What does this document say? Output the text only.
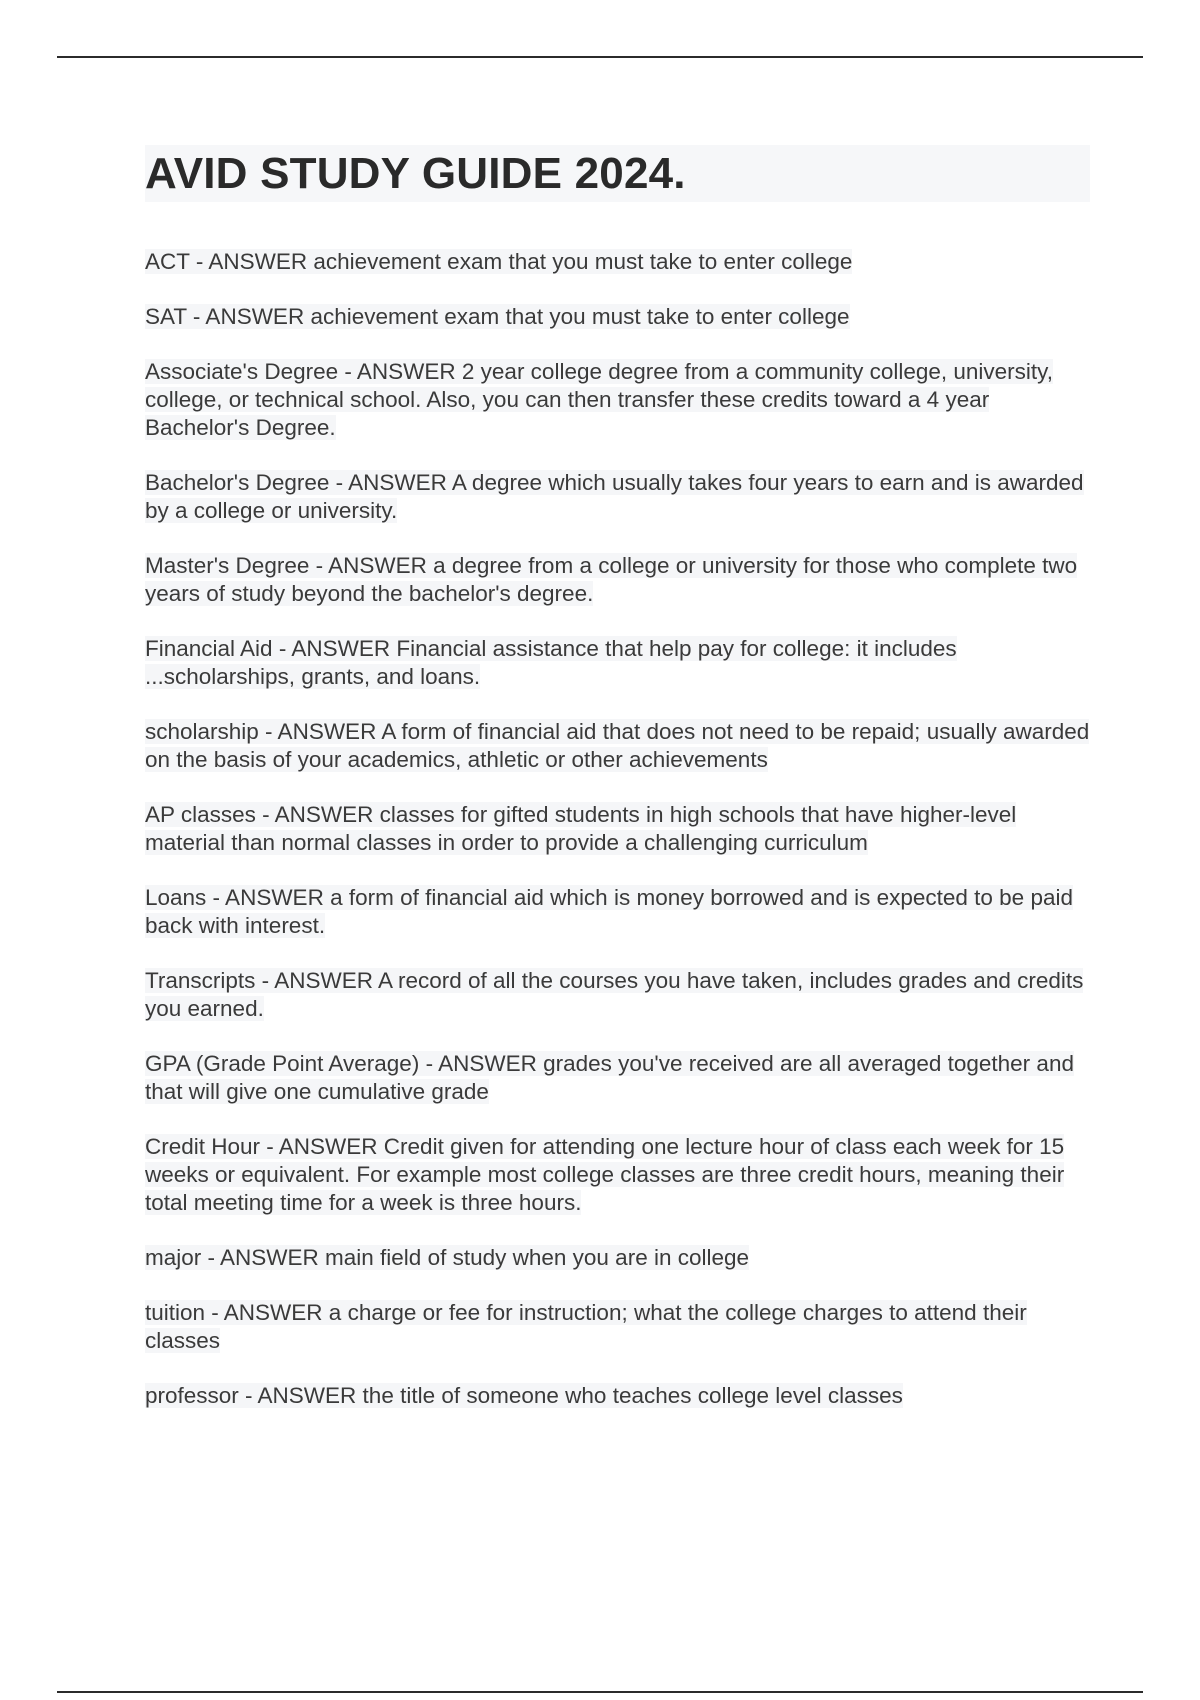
AVID STUDY GUIDE 2024.

ACT - ANSWER achievement exam that you must take to enter college

SAT - ANSWER achievement exam that you must take to enter college

Associate's Degree - ANSWER 2 year college degree from a community college, university, college, or technical school. Also, you can then transfer these credits toward a 4 year Bachelor's Degree.

Bachelor's Degree - ANSWER A degree which usually takes four years to earn and is awarded by a college or university.

Master's Degree - ANSWER a degree from a college or university for those who complete two years of study beyond the bachelor's degree.

Financial Aid - ANSWER Financial assistance that help pay for college: it includes ...scholarships, grants, and loans.

scholarship - ANSWER A form of financial aid that does not need to be repaid; usually awarded on the basis of your academics, athletic or other achievements

AP classes - ANSWER classes for gifted students in high schools that have higher-level material than normal classes in order to provide a challenging curriculum

Loans - ANSWER a form of financial aid which is money borrowed and is expected to be paid back with interest.

Transcripts - ANSWER A record of all the courses you have taken, includes grades and credits you earned.

GPA (Grade Point Average) - ANSWER grades you've received are all averaged together and that will give one cumulative grade

Credit Hour - ANSWER Credit given for attending one lecture hour of class each week for 15 weeks or equivalent. For example most college classes are three credit hours, meaning their total meeting time for a week is three hours.

major - ANSWER main field of study when you are in college

tuition - ANSWER a charge or fee for instruction; what the college charges to attend their classes

professor - ANSWER the title of someone who teaches college level classes
